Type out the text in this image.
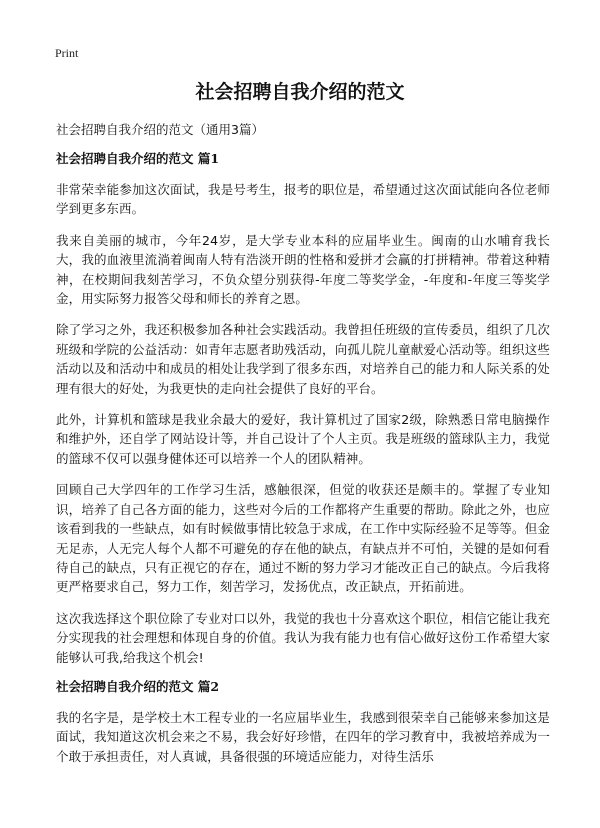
Print
社会招聘自我介绍的范文

社会招聘自我介绍的范文（通用3篇）

社会招聘自我介绍的范文 篇1

非常荣幸能参加这次面试，我是号考生，报考的职位是，希望通过这次面试能向各位老师学到更多东西。

我来自美丽的城市，今年24岁，是大学专业本科的应届毕业生。闽南的山水哺育我长大，我的血液里流淌着闽南人特有浩淡开朗的性格和爱拼才会赢的打拼精神。带着这种精神，在校期间我刻苦学习，不负众望分别获得-年度二等奖学金，-年度和-年度三等奖学金，用实际努力报答父母和师长的养育之恩。

除了学习之外，我还积极参加各种社会实践活动。我曾担任班级的宣传委员，组织了几次班级和学院的公益活动：如青年志愿者助残活动，向孤儿院儿童献爱心活动等。组织这些活动以及和活动中和成员的相处让我学到了很多东西，对培养自己的能力和人际关系的处理有很大的好处，为我更快的走向社会提供了良好的平台。

此外，计算机和篮球是我业余最大的爱好，我计算机过了国家2级，除熟悉日常电脑操作和维护外，还自学了网站设计等，并自己设计了个人主页。我是班级的篮球队主力，我觉的篮球不仅可以强身健体还可以培养一个人的团队精神。

回顾自己大学四年的工作学习生活，感触很深，但觉的收获还是颇丰的。掌握了专业知识，培养了自己各方面的能力，这些对今后的工作都将产生重要的帮助。除此之外，也应该看到我的一些缺点，如有时候做事情比较急于求成，在工作中实际经验不足等等。但金无足赤，人无完人每个人都不可避免的存在他的缺点，有缺点并不可怕，关键的是如何看待自己的缺点，只有正视它的存在，通过不断的努力学习才能改正自己的缺点。今后我将更严格要求自己，努力工作，刻苦学习，发扬优点，改正缺点，开拓前进。

这次我选择这个职位除了专业对口以外，我觉的我也十分喜欢这个职位，相信它能让我充分实现我的社会理想和体现自身的价值。我认为我有能力也有信心做好这份工作希望大家能够认可我,给我这个机会!

社会招聘自我介绍的范文 篇2

我的名字是，是学校土木工程专业的一名应届毕业生，我感到很荣幸自己能够来参加这是面试，我知道这次机会来之不易，我会好好珍惜，在四年的学习教育中，我被培养成为一个敢于承担责任，对人真诚，具备很强的环境适应能力，对待生活乐
